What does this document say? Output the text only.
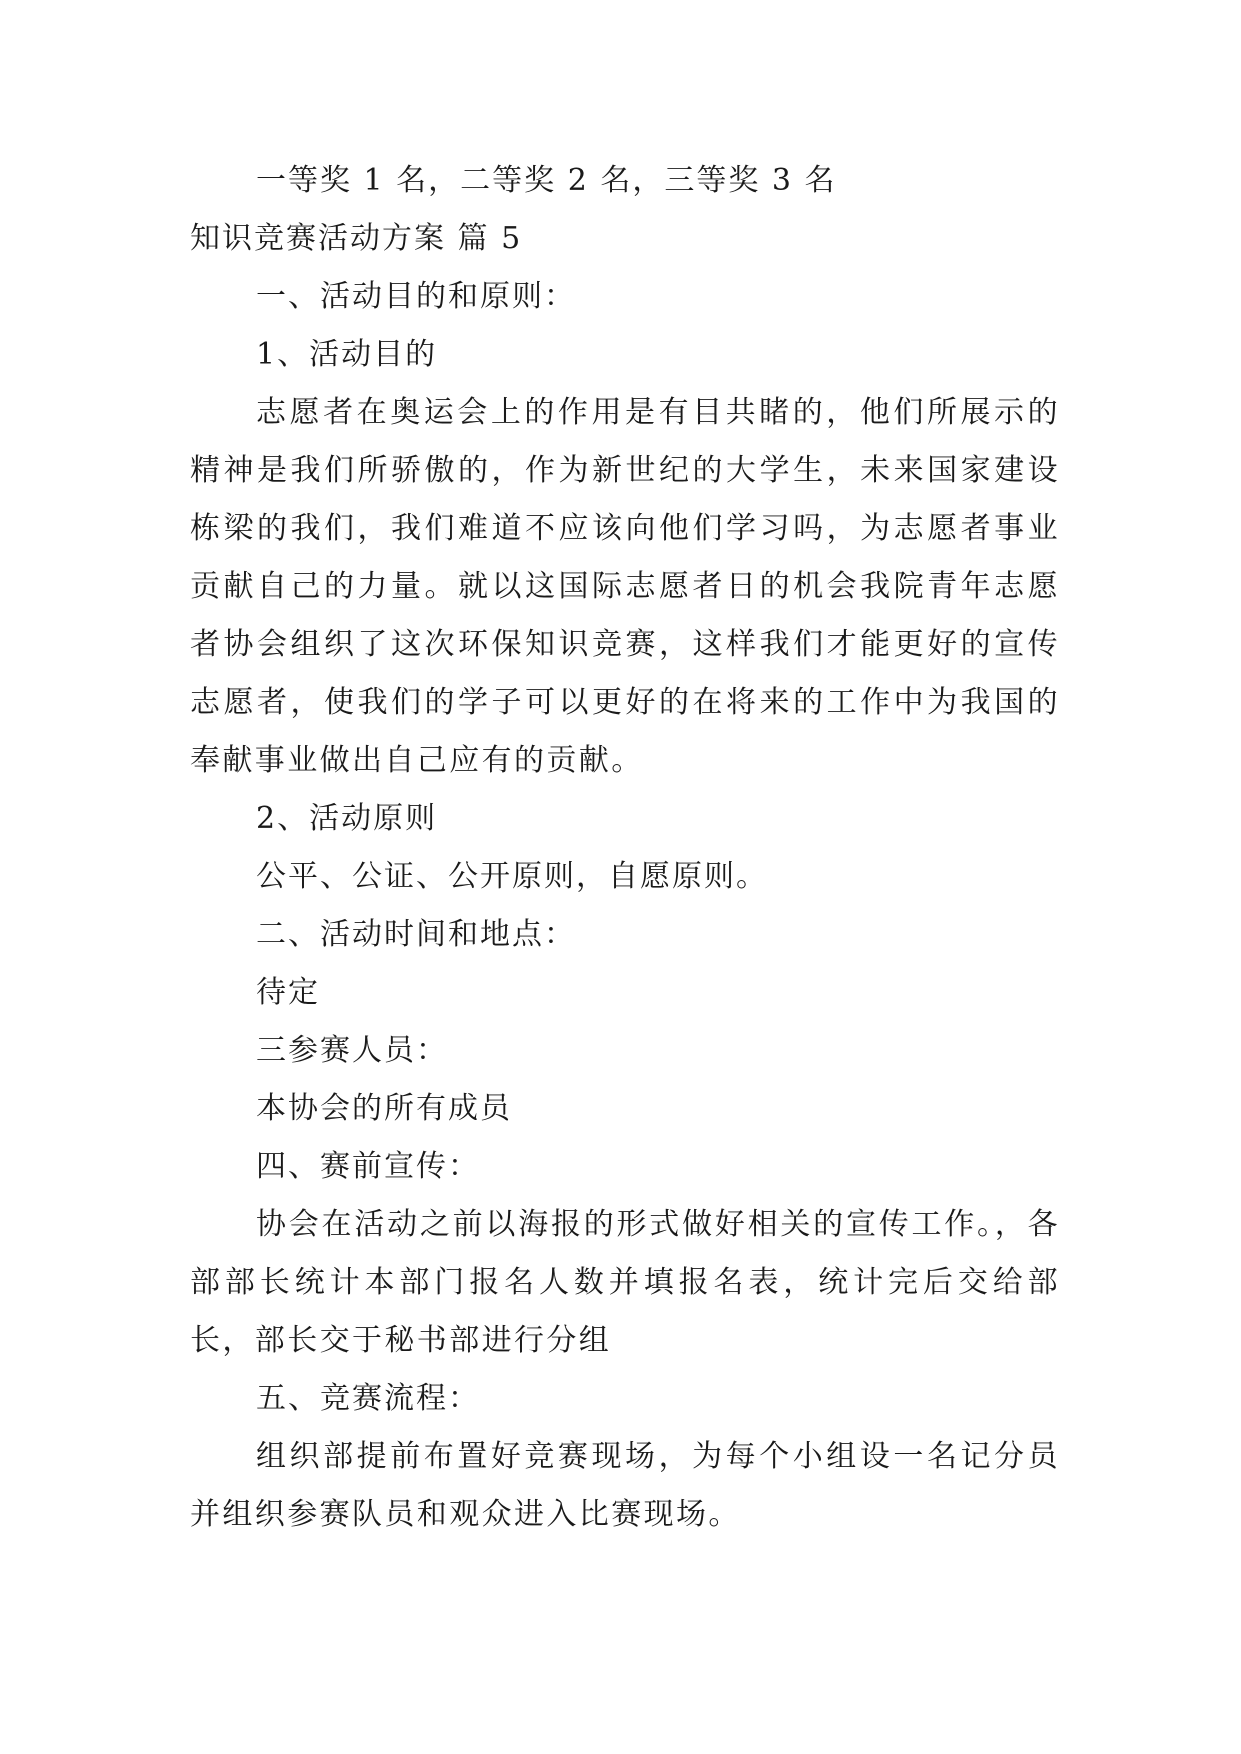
一等奖 1 名，二等奖 2 名，三等奖 3 名

知识竞赛活动方案 篇 5

一、活动目的和原则：

1、活动目的

志愿者在奥运会上的作用是有目共睹的，他们所展示的精神是我们所骄傲的，作为新世纪的大学生，未来国家建设栋梁的我们，我们难道不应该向他们学习吗，为志愿者事业贡献自己的力量。就以这国际志愿者日的机会我院青年志愿者协会组织了这次环保知识竞赛，这样我们才能更好的宣传志愿者，使我们的学子可以更好的在将来的工作中为我国的奉献事业做出自己应有的贡献。

2、活动原则

公平、公证、公开原则，自愿原则。

二、活动时间和地点：

待定

三参赛人员：

本协会的所有成员

四、赛前宣传：

协会在活动之前以海报的形式做好相关的宣传工作。，各部部长统计本部门报名人数并填报名表，统计完后交给部长，部长交于秘书部进行分组

五、竞赛流程：

组织部提前布置好竞赛现场，为每个小组设一名记分员并组织参赛队员和观众进入比赛现场。
